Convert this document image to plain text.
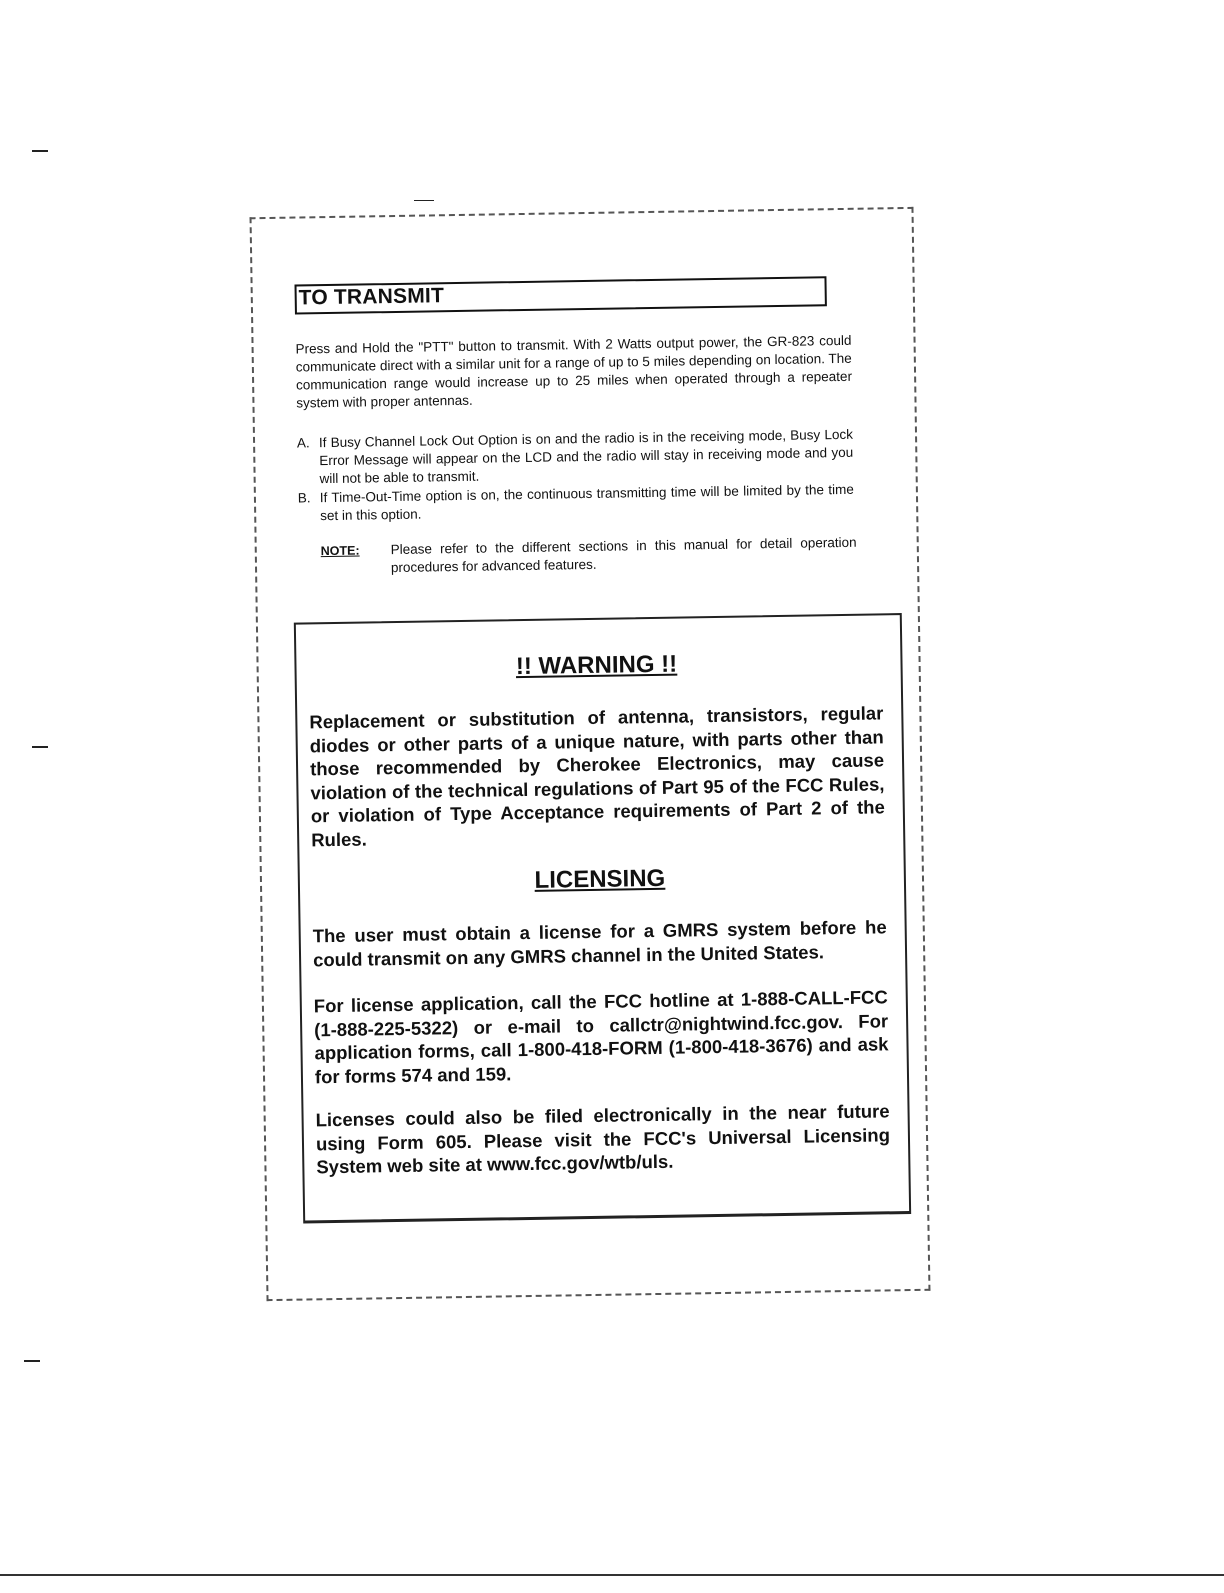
TO TRANSMIT
Press and Hold the "PTT" button to transmit. With 2 Watts output power, the GR-823 could communicate direct with a similar unit for a range of up to 5 miles depending on location. The communication range would increase up to 25 miles when operated through a repeater system with proper antennas.
A. If Busy Channel Lock Out Option is on and the radio is in the receiving mode, Busy Lock Error Message will appear on the LCD and the radio will stay in receiving mode and you will not be able to transmit.
B. If Time-Out-Time option is on, the continuous transmitting time will be limited by the time set in this option.
NOTE: Please refer to the different sections in this manual for detail operation procedures for advanced features.
!! WARNING !!
Replacement or substitution of antenna, transistors, regular diodes or other parts of a unique nature, with parts other than those recommended by Cherokee Electronics, may cause violation of the technical regulations of Part 95 of the FCC Rules, or violation of Type Acceptance requirements of Part 2 of the Rules.
LICENSING
The user must obtain a license for a GMRS system before he could transmit on any GMRS channel in the United States.
For license application, call the FCC hotline at 1-888-CALL-FCC (1-888-225-5322) or e-mail to callctr@nightwind.fcc.gov. For application forms, call 1-800-418-FORM (1-800-418-3676) and ask for forms 574 and 159.
Licenses could also be filed electronically in the near future using Form 605. Please visit the FCC's Universal Licensing System web site at www.fcc.gov/wtb/uls.
